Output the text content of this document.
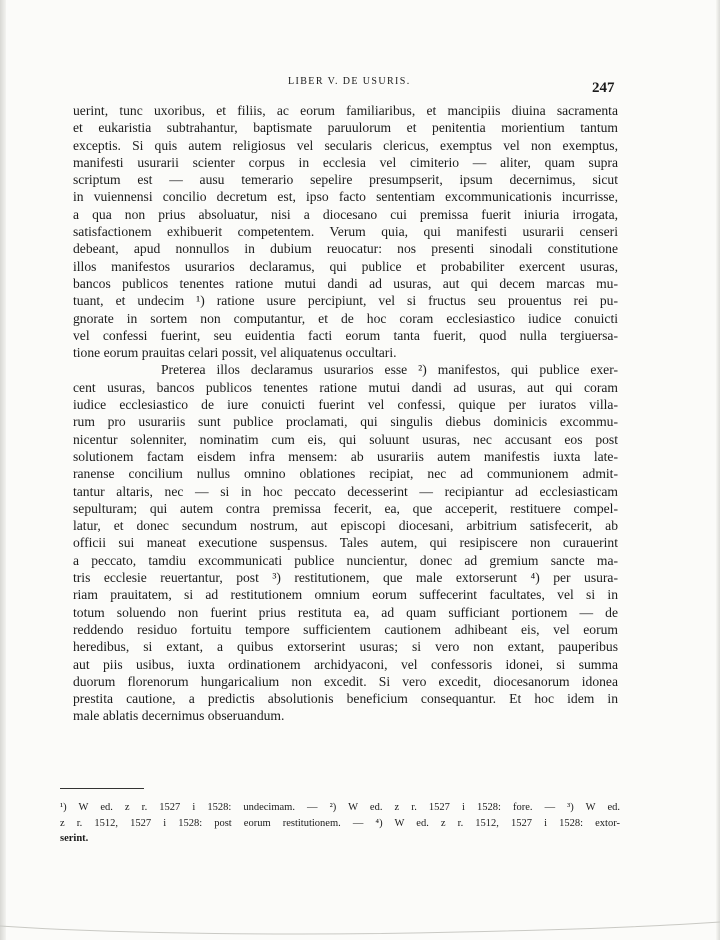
LIBER V. DE USURIS.	247
uerint, tunc uxoribus, et filiis, ac eorum familiaribus, et mancipiis diuina sacramenta
et eukaristia subtrahantur, baptismate paruulorum et penitentia morientium tantum
exceptis. Si quis autem religiosus vel secularis clericus, exemptus vel non exemptus,
manifesti usurarii scienter corpus in ecclesia vel cimiterio — aliter, quam supra
scriptum est — ausu temerario sepelire presumpserit, ipsum decernimus, sicut
in vuiennensi concilio decretum est, ipso facto sententiam excommunicationis incurrisse,
a qua non prius absoluatur, nisi a diocesano cui premissa fuerit iniuria irrogata,
satisfactionem exhibuerit competentem. Verum quia, qui manifesti usurarii censeri
debeant, apud nonnullos in dubium reuocatur: nos presenti sinodali constitutione
illos manifestos usurarios declaramus, qui publice et probabiliter exercent usuras,
bancos publicos tenentes ratione mutui dandi ad usuras, aut qui decem marcas mu-
tuant, et undecim ¹) ratione usure percipiunt, vel si fructus seu prouentus rei pu-
gnorate in sortem non computantur, et de hoc coram ecclesiastico iudice conuicti
vel confessi fuerint, seu euidentia facti eorum tanta fuerit, quod nulla tergiuersa-
tione eorum prauitas celari possit, vel aliquatenus occultari.
Preterea illos declaramus usurarios esse ²) manifestos, qui publice exer-
cent usuras, bancos publicos tenentes ratione mutui dandi ad usuras, aut qui coram
iudice ecclesiastico de iure conuicti fuerint vel confessi, quique per iuratos villa-
rum pro usurariis sunt publice proclamati, qui singulis diebus dominicis excommu-
nicentur solenniter, nominatim cum eis, qui soluunt usuras, nec accusant eos post
solutionem factam eisdem infra mensem: ab usurariis autem manifestis iuxta late-
ranense concilium nullus omnino oblationes recipiat, nec ad communionem admit-
tantur altaris, nec — si in hoc peccato decesserint — recipiantur ad ecclesiasticam
sepulturam; qui autem contra premissa fecerit, ea, que acceperit, restituere compel-
latur, et donec secundum nostrum, aut episcopi diocesani, arbitrium satisfecerit, ab
officii sui maneat executione suspensus. Tales autem, qui resipiscere non curauerint
a peccato, tamdiu excommunicati publice nuncientur, donec ad gremium sancte ma-
tris ecclesie reuertantur, post ³) restitutionem, que male extorserunt ⁴) per usura-
riam prauitatem, si ad restitutionem omnium eorum suffecerint facultates, vel si in
totum soluendo non fuerint prius restituta ea, ad quam sufficiant portionem — de
reddendo residuo fortuitu tempore sufficientem cautionem adhibeant eis, vel eorum
heredibus, si extant, a quibus extorserint usuras; si vero non extant, pauperibus
aut piis usibus, iuxta ordinationem archidyaconi, vel confessoris idonei, si summa
duorum florenorum hungaricalium non excedit. Si vero excedit, diocesanorum idonea
prestita cautione, a predictis absolutionis beneficium consequantur. Et hoc idem in
male ablatis decernimus obseruandum.
¹) W ed. z r. 1527 i 1528: undecimam. — ²) W ed. z r. 1527 i 1528: fore. — ³) W ed.
z r. 1512, 1527 i 1528: post eorum restitutionem. — ⁴) W ed. z r. 1512, 1527 i 1528: extor-
serint.
